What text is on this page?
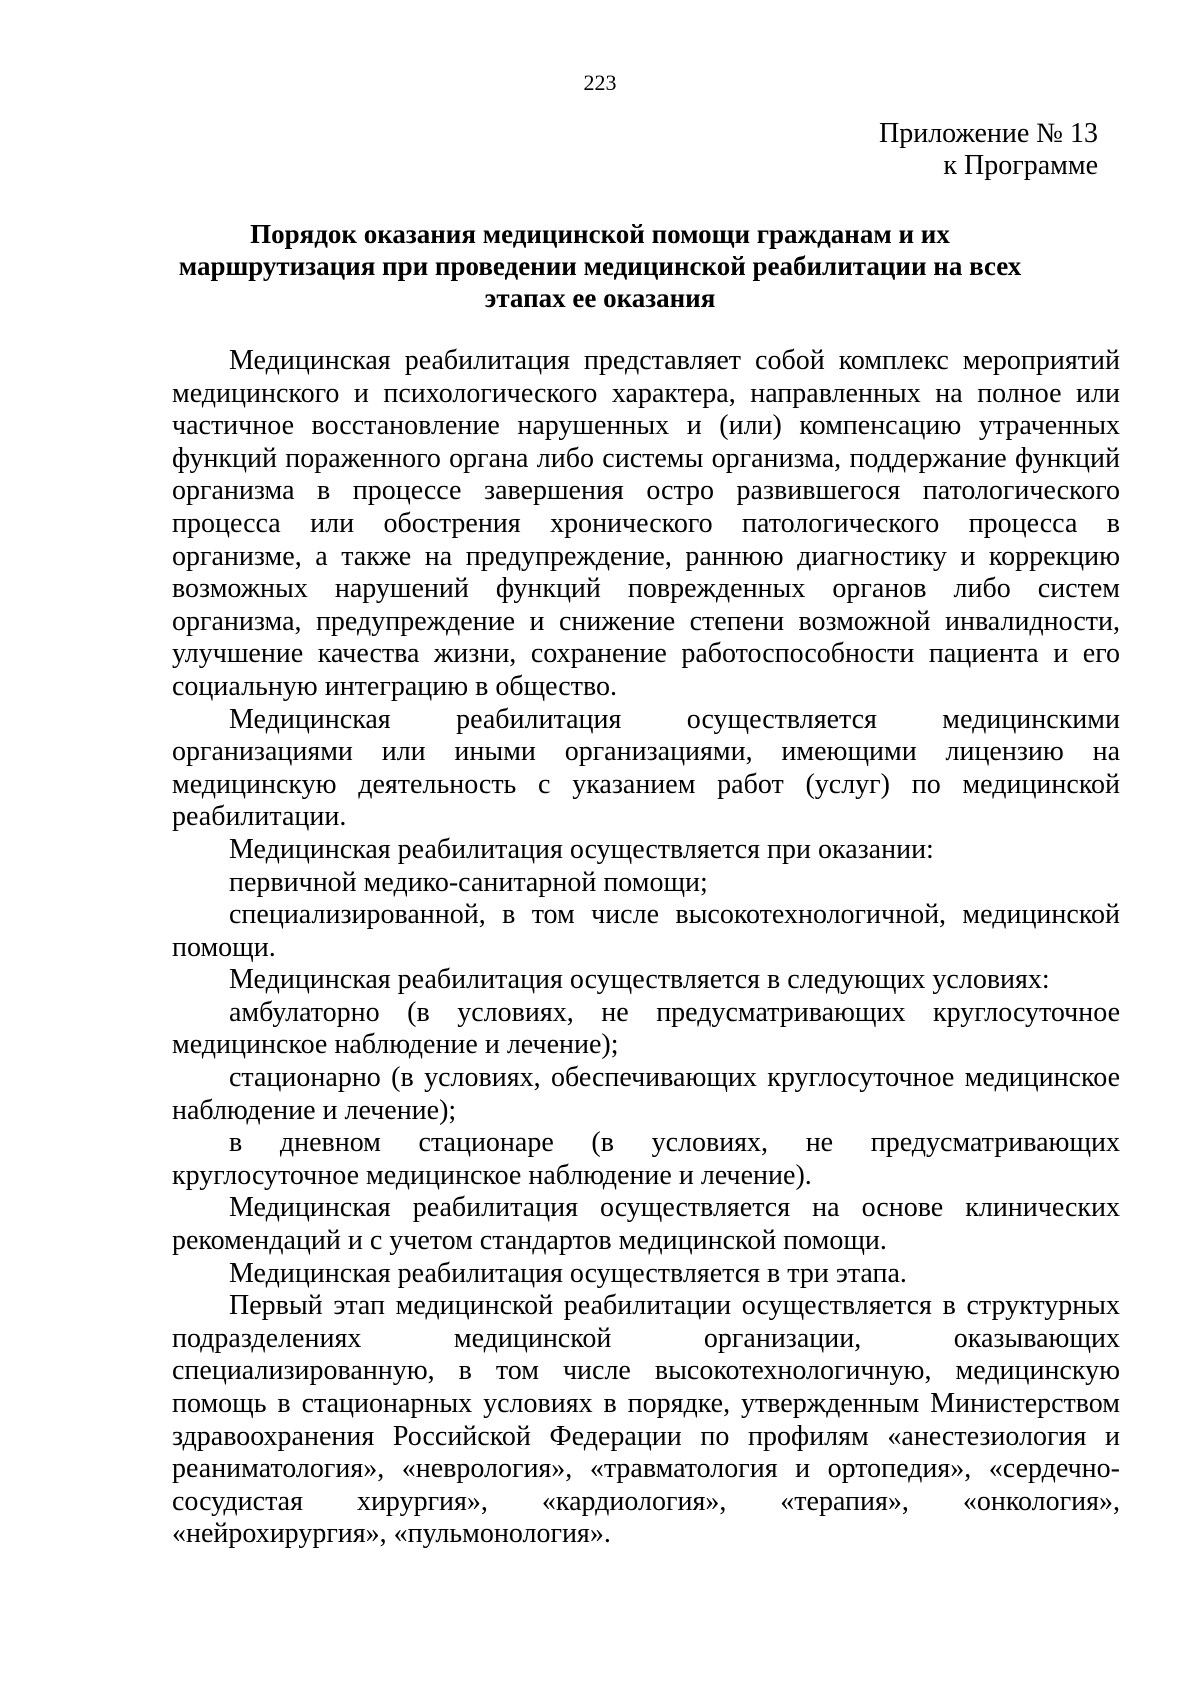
223
Приложение № 13
к Программе
Порядок оказания медицинской помощи гражданам и их
маршрутизация при проведении медицинской реабилитации на всех
этапах ее оказания

Медицинская реабилитация представляет собой комплекс мероприятий медицинского и психологического характера, направленных на полное или частичное восстановление нарушенных и (или) компенсацию утраченных функций пораженного органа либо системы организма, поддержание функций организма в процессе завершения остро развившегося патологического процесса или обострения хронического патологического процесса в организме, а также на предупреждение, раннюю диагностику и коррекцию возможных нарушений функций поврежденных органов либо систем организма, предупреждение и снижение степени возможной инвалидности, улучшение качества жизни, сохранение работоспособности пациента и его социальную интеграцию в общество.

Медицинская реабилитация осуществляется медицинскими организациями или иными организациями, имеющими лицензию на медицинскую деятельность с указанием работ (услуг) по медицинской реабилитации.

Медицинская реабилитация осуществляется при оказании:

первичной медико-санитарной помощи;

специализированной, в том числе высокотехнологичной, медицинской помощи.

Медицинская реабилитация осуществляется в следующих условиях:

амбулаторно (в условиях, не предусматривающих круглосуточное медицинское наблюдение и лечение);

стационарно (в условиях, обеспечивающих круглосуточное медицинское наблюдение и лечение);

в дневном стационаре (в условиях, не предусматривающих круглосуточное медицинское наблюдение и лечение).

Медицинская реабилитация осуществляется на основе клинических рекомендаций и с учетом стандартов медицинской помощи.

Медицинская реабилитация осуществляется в три этапа.

Первый этап медицинской реабилитации осуществляется в структурных подразделениях медицинской организации, оказывающих специализированную, в том числе высокотехнологичную, медицинскую помощь в стационарных условиях в порядке, утвержденным Министерством здравоохранения Российской Федерации по профилям «анестезиология и реаниматология», «неврология», «травматология и ортопедия», «сердечно-сосудистая хирургия», «кардиология», «терапия», «онкология», «нейрохирургия», «пульмонология».
